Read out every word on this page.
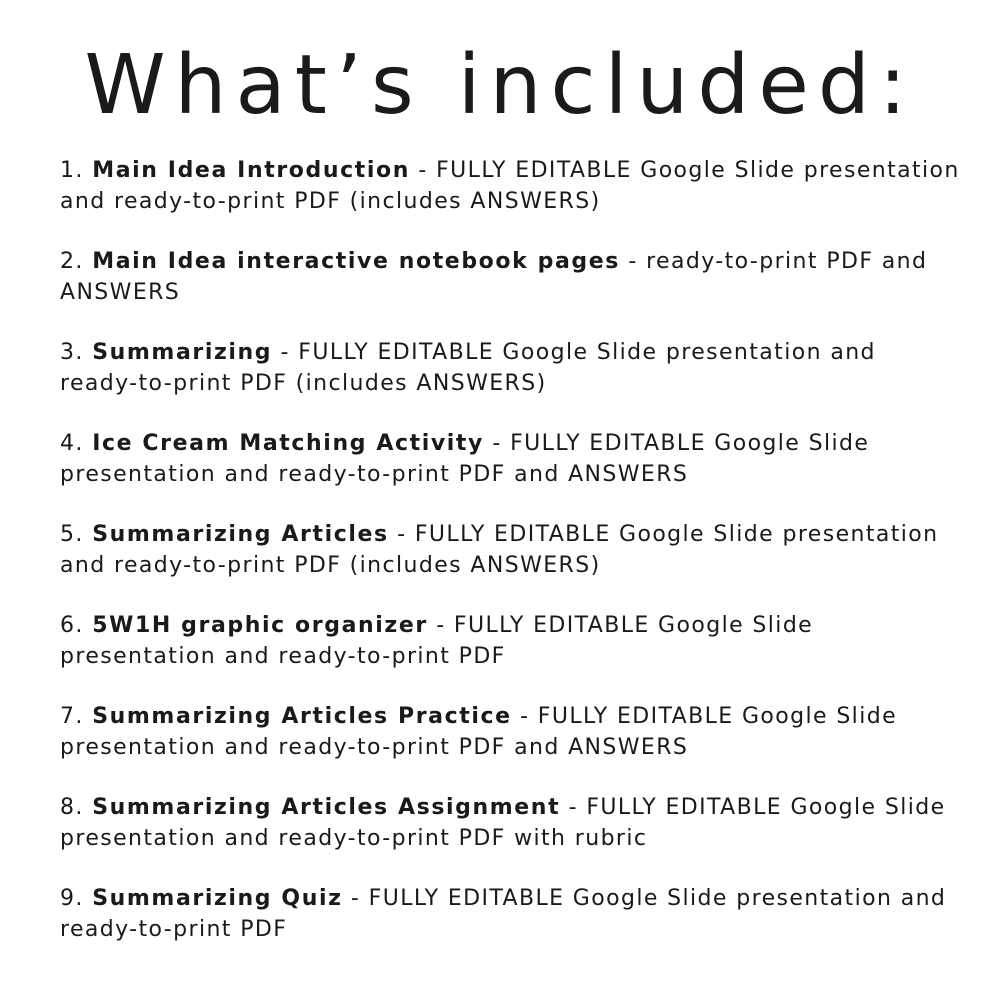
What’s included:
1. Main Idea Introduction - FULLY EDITABLE Google Slide presentation and ready-to-print PDF (includes ANSWERS)
2. Main Idea interactive notebook pages - ready-to-print PDF and ANSWERS
3. Summarizing - FULLY EDITABLE Google Slide presentation and ready-to-print PDF (includes ANSWERS)
4. Ice Cream Matching Activity - FULLY EDITABLE Google Slide presentation and ready-to-print PDF and ANSWERS
5. Summarizing Articles - FULLY EDITABLE Google Slide presentation and ready-to-print PDF (includes ANSWERS)
6. 5W1H graphic organizer - FULLY EDITABLE Google Slide presentation and ready-to-print PDF
7. Summarizing Articles Practice - FULLY EDITABLE Google Slide presentation and ready-to-print PDF and ANSWERS
8. Summarizing Articles Assignment - FULLY EDITABLE Google Slide presentation and ready-to-print PDF with rubric
9. Summarizing Quiz - FULLY EDITABLE Google Slide presentation and ready-to-print PDF
